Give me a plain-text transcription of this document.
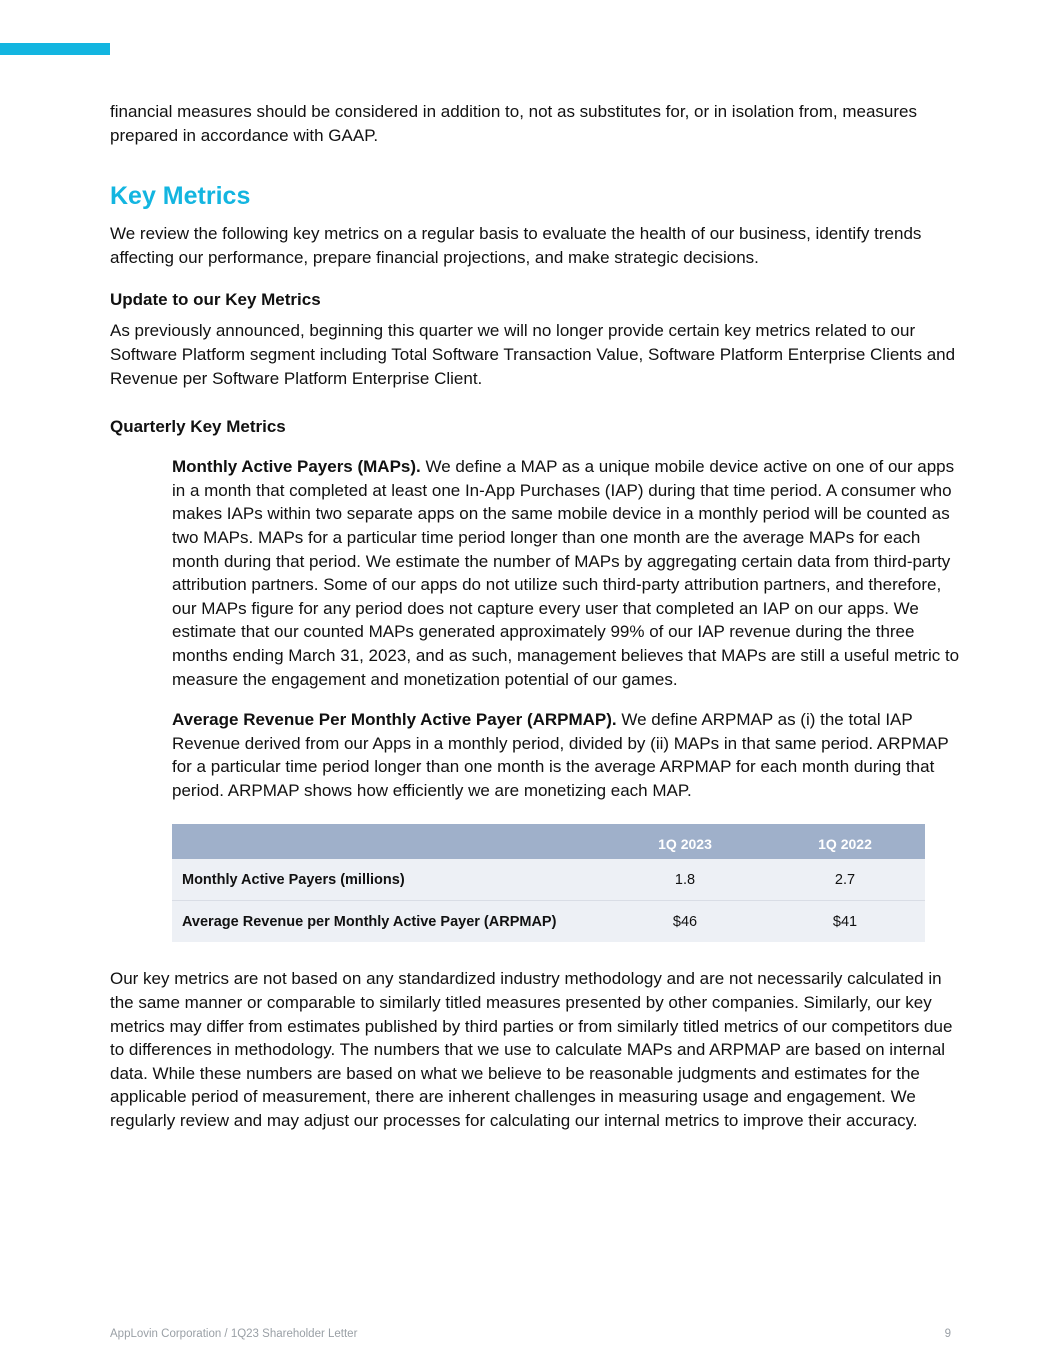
financial measures should be considered in addition to, not as substitutes for, or in isolation from, measures prepared in accordance with GAAP.

Key Metrics

We review the following key metrics on a regular basis to evaluate the health of our business, identify trends affecting our performance, prepare financial projections, and make strategic decisions.

Update to our Key Metrics

As previously announced, beginning this quarter we will no longer provide certain key metrics related to our Software Platform segment including Total Software Transaction Value, Software Platform Enterprise Clients and Revenue per Software Platform Enterprise Client.

Quarterly Key Metrics

Monthly Active Payers (MAPs). We define a MAP as a unique mobile device active on one of our apps in a month that completed at least one In-App Purchases (IAP) during that time period. A consumer who makes IAPs within two separate apps on the same mobile device in a monthly period will be counted as two MAPs. MAPs for a particular time period longer than one month are the average MAPs for each month during that period. We estimate the number of MAPs by aggregating certain data from third-party attribution partners. Some of our apps do not utilize such third-party attribution partners, and therefore, our MAPs figure for any period does not capture every user that completed an IAP on our apps. We estimate that our counted MAPs generated approximately 99% of our IAP revenue during the three months ending March 31, 2023, and as such, management believes that MAPs are still a useful metric to measure the engagement and monetization potential of our games.

Average Revenue Per Monthly Active Payer (ARPMAP). We define ARPMAP as (i) the total IAP Revenue derived from our Apps in a monthly period, divided by (ii) MAPs in that same period. ARPMAP for a particular time period longer than one month is the average ARPMAP for each month during that period. ARPMAP shows how efficiently we are monetizing each MAP.

	1Q 2023	1Q 2022
Monthly Active Payers (millions)	1.8	2.7
Average Revenue per Monthly Active Payer (ARPMAP)	$46	$41

Our key metrics are not based on any standardized industry methodology and are not necessarily calculated in the same manner or comparable to similarly titled measures presented by other companies. Similarly, our key metrics may differ from estimates published by third parties or from similarly titled metrics of our competitors due to differences in methodology. The numbers that we use to calculate MAPs and ARPMAP are based on internal data. While these numbers are based on what we believe to be reasonable judgments and estimates for the applicable period of measurement, there are inherent challenges in measuring usage and engagement. We regularly review and may adjust our processes for calculating our internal metrics to improve their accuracy.

AppLovin Corporation / 1Q23 Shareholder Letter	9
